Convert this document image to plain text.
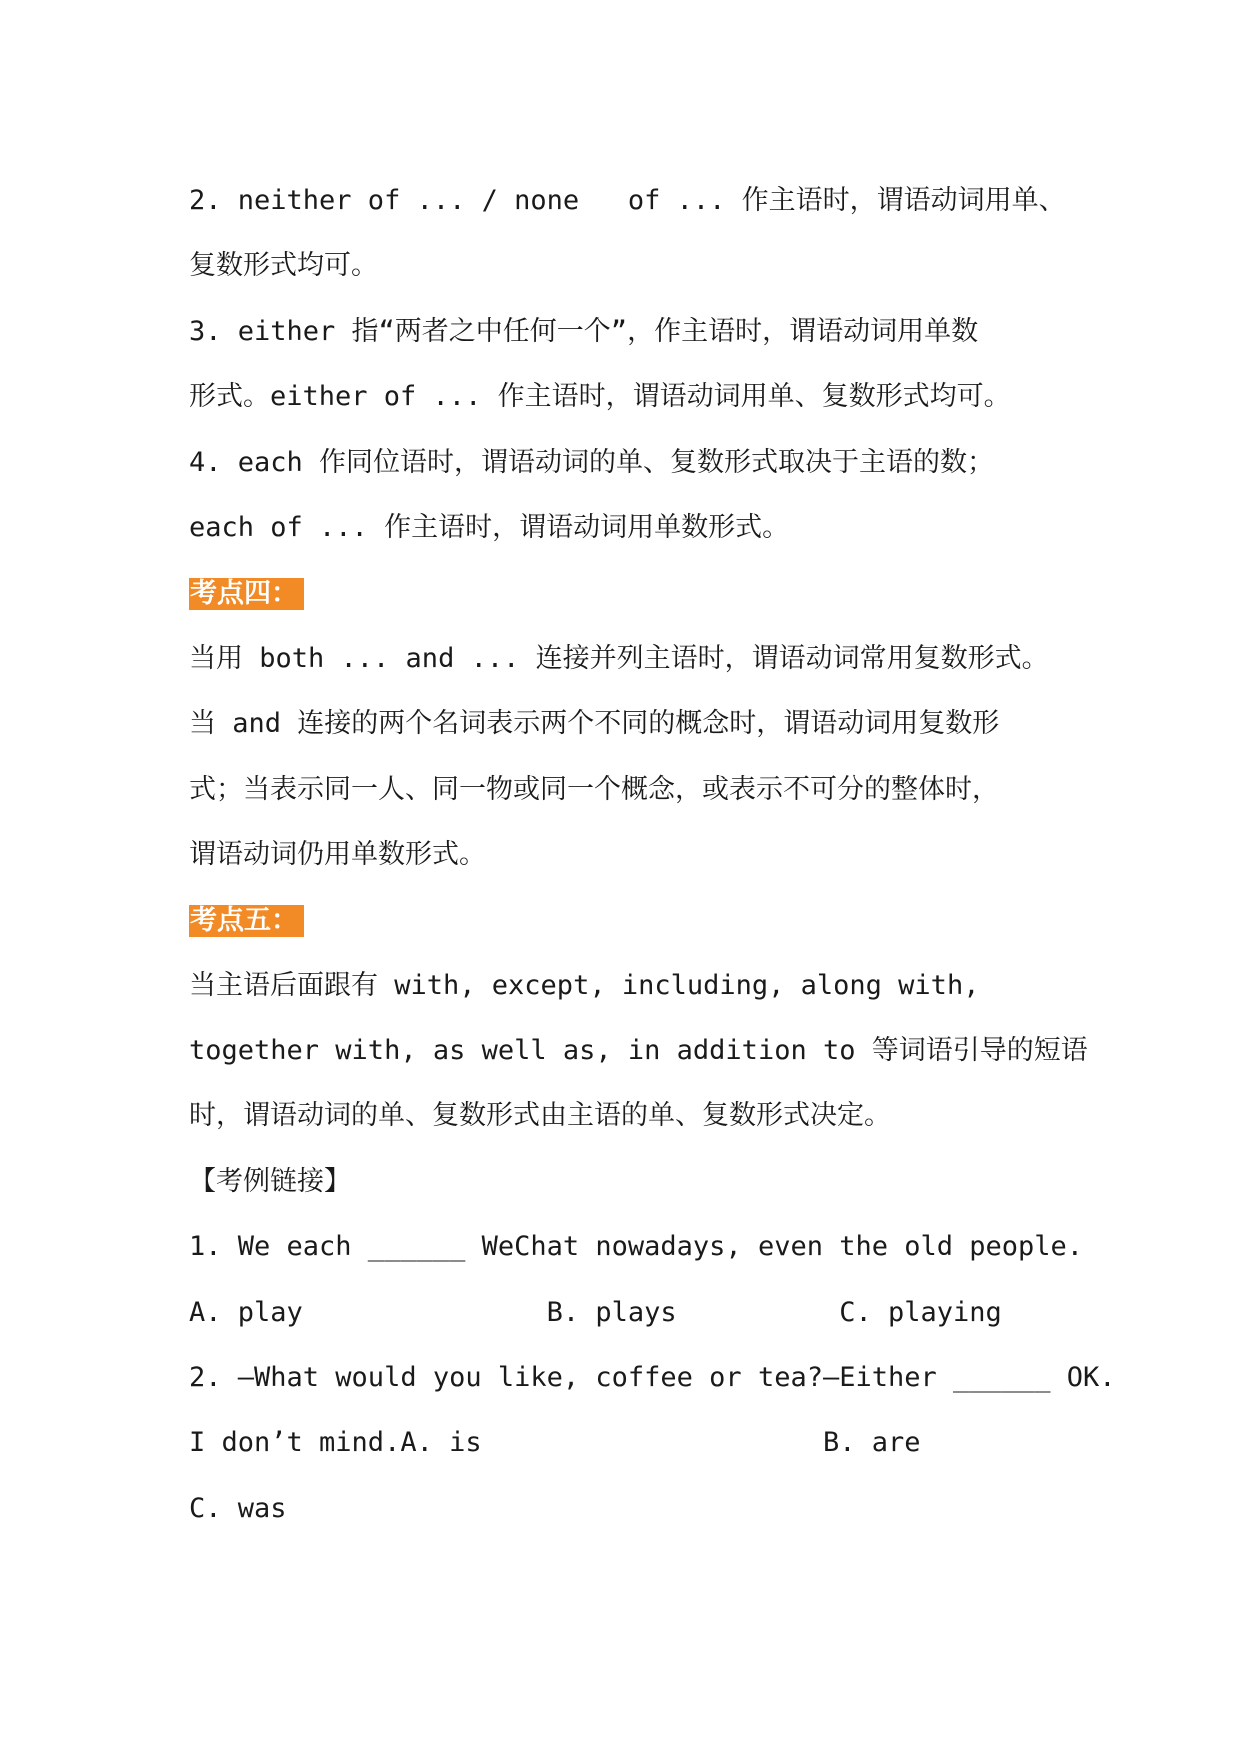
2. neither of ... / none   of ... 作主语时，谓语动词用单、

复数形式均可。

3. either 指“两者之中任何一个”，作主语时，谓语动词用单数

形式。either of ... 作主语时，谓语动词用单、复数形式均可。

4. each 作同位语时，谓语动词的单、复数形式取决于主语的数；

each of ... 作主语时，谓语动词用单数形式。

考点四：

当用 both ... and ... 连接并列主语时，谓语动词常用复数形式。

当 and 连接的两个名词表示两个不同的概念时，谓语动词用复数形

式；当表示同一人、同一物或同一个概念，或表示不可分的整体时，

谓语动词仍用单数形式。

考点五：

当主语后面跟有 with, except, including, along with,

together with, as well as, in addition to 等词语引导的短语

时，谓语动词的单、复数形式由主语的单、复数形式决定。

【考例链接】

1. We each ______ WeChat nowadays, even the old people.

A. play               B. plays          C. playing

2. —What would you like, coffee or tea?—Either ______ OK.

I don’t mind.A. is                     B. are

C. was
